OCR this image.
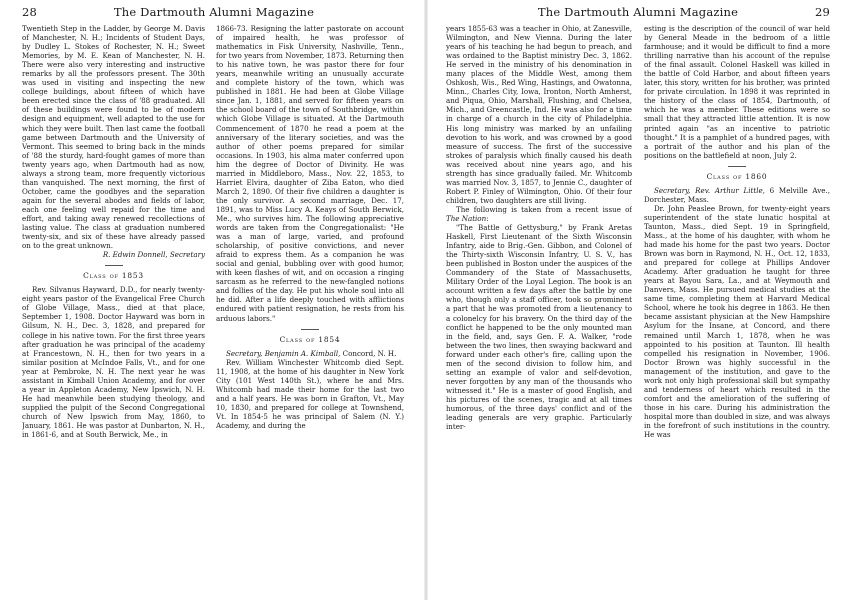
28	The Dartmouth Alumni Magazine

Twentieth Step in the Ladder, by George M. Davis of Manchester, N. H.; Incidents of Student Days, by Dudley L. Stokes of Rochester, N. H.; Sweet Memories, by M. E. Kean of Manchester, N. H. There were also very interesting and instructive remarks by all the professors present. The 30th was used in visiting and inspecting the new college buildings, about fifteen of which have been erected since the class of '88 graduated. All of these buildings were found to be of modern design and equipment, well adapted to the use for which they were built. Then last came the football game between Dartmouth and the University of Vermont. This seemed to bring back in the minds of '88 the sturdy, hard-fought games of more than twenty years ago, when Dartmouth had as now, always a strong team, more frequently victorious than vanquished. The next morning, the first of October, came the goodbyes and the separation again for the several abodes and fields of labor, each one feeling well repaid for the time and effort, and taking away renewed recollections of lasting value. The class at graduation numbered twenty-six, and six of these have already passed on to the great unknown.

R. Edwin Donnell, Secretary

Class of 1853

Rev. Silvanus Hayward, D.D., for nearly twenty-eight years pastor of the Evangelical Free Church of Globe Village, Mass., died at that place, September 1, 1908. Doctor Hayward was born in Gilsum, N. H., Dec. 3, 1828, and prepared for college in his native town. For the first three years after graduation he was principal of the academy at Francestown, N. H., then for two years in a similar position at McIndoe Falls, Vt., and for one year at Pembroke, N. H. The next year he was assistant in Kimball Union Academy, and for over a year in Appleton Academy, New Ipswich, N. H. He had meanwhile been studying theology, and supplied the pulpit of the Second Congregational church of New Ipswich from May, 1860, to January, 1861. He was pastor at Dunbarton, N. H., in 1861-6, and at South Berwick, Me., in

1866-73. Resigning the latter pastorate on account of impaired health, he was professor of mathematics in Fisk University, Nashville, Tenn., for two years from November, 1873. Returning then to his native town, he was pastor there for four years, meanwhile writing an unusually accurate and complete history of the town, which was published in 1881. He had been at Globe Village since Jan. 1, 1881, and served for fifteen years on the school board of the town of Southbridge, within which Globe Village is situated. At the Dartmouth Commencement of 1870 he read a poem at the anniversary of the literary societies, and was the author of other poems prepared for similar occasions. In 1903, his alma mater conferred upon him the degree of Doctor of Divinity. He was married in Middleboro, Mass., Nov. 22, 1853, to Harriet Elvira, daughter of Ziba Eaton, who died March 2, 1890. Of their five children a daughter is the only survivor. A second marriage, Dec. 17, 1891, was to Miss Lucy A. Keays of South Berwick, Me., who survives him. The following appreciative words are taken from the Congregationalist: "He was a man of large, varied, and profound scholarship, of positive convictions, and never afraid to express them. As a companion he was social and genial, bubbling over with good humor, with keen flashes of wit, and on occasion a ringing sarcasm as he referred to the new-fangled notions and follies of the day. He put his whole soul into all he did. After a life deeply touched with afflictions endured with patient resignation, he rests from his arduous labors."

Class of 1854

Secretary, Benjamin A. Kimball, Concord, N. H.

Rev. William Winchester Whitcomb died Sept. 11, 1908, at the home of his daughter in New York City (101 West 140th St.), where he and Mrs. Whitcomb had made their home for the last two and a half years. He was born in Grafton, Vt., May 10, 1830, and prepared for college at Townshend, Vt. In 1854-5 he was principal of Salem (N. Y.) Academy, and during the

The Dartmouth Alumni Magazine	29

years 1855-63 was a teacher in Ohio, at Zanesville, Wilmington, and New Vienna. During the later years of his teaching he had begun to preach, and was ordained to the Baptist ministry Dec. 3, 1862. He served in the ministry of his denomination in many places of the Middle West, among them Oshkosh, Wis., Red Wing, Hastings, and Owatonna, Minn., Charles City, Iowa, Ironton, North Amherst, and Piqua, Ohio, Marshall, Flushing, and Chelsea, Mich., and Greencastle, Ind. He was also for a time in charge of a church in the city of Philadelphia. His long ministry was marked by an unfailing devotion to his work, and was crowned by a good measure of success. The first of the successive strokes of paralysis which finally caused his death was received about nine years ago, and his strength has since gradually failed. Mr. Whitcomb was married Nov. 3, 1857, to Jennie C., daughter of Robert P. Finley of Wilmington, Ohio. Of their four children, two daughters are still living.

The following is taken from a recent issue of The Nation:

"The Battle of Gettysburg," by Frank Aretas Haskell, First Lieutenant of the Sixth Wisconsin Infantry, aide to Brig.-Gen. Gibbon, and Colonel of the Thirty-sixth Wisconsin Infantry, U. S. V., has been published in Boston under the auspices of the Commandery of the State of Massachusetts, Military Order of the Loyal Legion. The book is an account written a few days after the battle by one who, though only a staff officer, took so prominent a part that he was promoted from a lieutenancy to a colonelcy for his bravery. On the third day of the conflict he happened to be the only mounted man in the field, and, says Gen. F. A. Walker, "rode between the two lines, then swaying backward and forward under each other's fire, calling upon the men of the second division to follow him, and setting an example of valor and self-devotion, never forgotten by any man of the thousands who witnessed it." He is a master of good English, and his pictures of the scenes, tragic and at all times humorous, of the three days' conflict and of the leading generals are very graphic. Particularly inter-

esting is the description of the council of war held by General Meade in the bedroom of a little farmhouse; and it would be difficult to find a more thrilling narrative than his account of the repulse of the final assault. Colonel Haskell was killed in the battle of Cold Harbor, and about fifteen years later, this story, written for his brother, was printed for private circulation. In 1898 it was reprinted in the history of the class of 1854, Dartmouth, of which he was a member. These editions were so small that they attracted little attention. It is now printed again "as an incentive to patriotic thought." It is a pamphlet of a hundred pages, with a portrait of the author and his plan of the positions on the battlefield at noon, July 2.

Class of 1860

Secretary, Rev. Arthur Little, 6 Melville Ave., Dorchester, Mass.

Dr. John Peaslee Brown, for twenty-eight years superintendent of the state lunatic hospital at Taunton, Mass., died Sept. 19 in Springfield, Mass., at the home of his daughter, with whom he had made his home for the past two years. Doctor Brown was born in Raymond, N. H., Oct. 12, 1833, and prepared for college at Phillips Andover Academy. After graduation he taught for three years at Bayou Sara, La., and at Weymouth and Danvers, Mass. He pursued medical studies at the same time, completing them at Harvard Medical School, where he took his degree in 1863. He then became assistant physician at the New Hampshire Asylum for the Insane, at Concord, and there remained until March 1, 1878, when he was appointed to his position at Taunton. Ill health compelled his resignation in November, 1906. Doctor Brown was highly successful in the management of the institution, and gave to the work not only high professional skill but sympathy and tenderness of heart which resulted in the comfort and the amelioration of the suffering of those in his care. During his administration the hospital more than doubled in size, and was always in the forefront of such institutions in the country. He was
